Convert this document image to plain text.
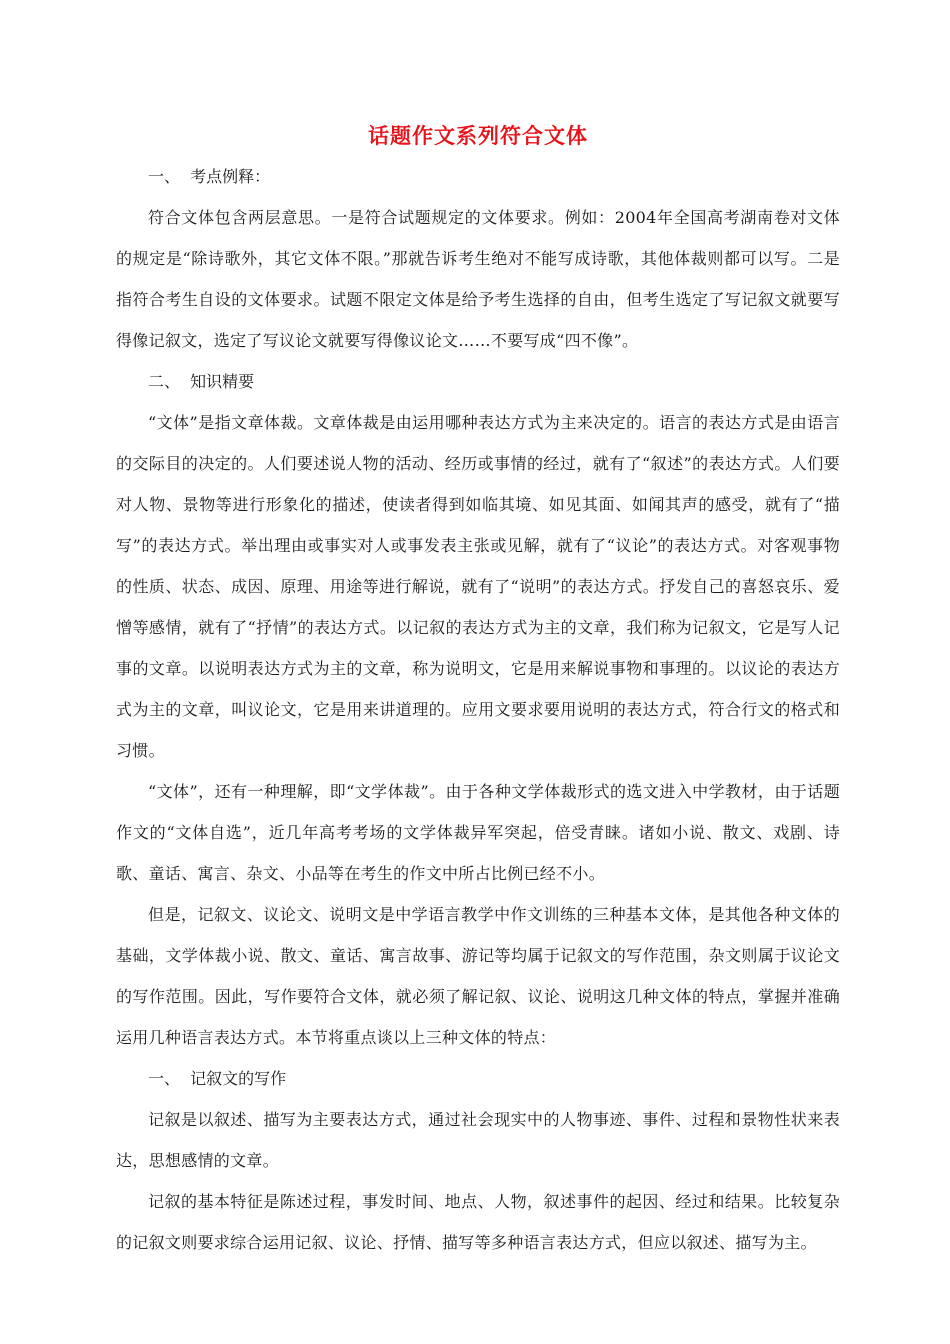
话题作文系列符合文体

一、  考点例释：

符合文体包含两层意思。一是符合试题规定的文体要求。例如：2004年全国高考湖南卷对文体的规定是“除诗歌外，其它文体不限。”那就告诉考生绝对不能写成诗歌，其他体裁则都可以写。二是指符合考生自设的文体要求。试题不限定文体是给予考生选择的自由，但考生选定了写记叙文就要写得像记叙文，选定了写议论文就要写得像议论文……不要写成“四不像”。

二、  知识精要

“文体”是指文章体裁。文章体裁是由运用哪种表达方式为主来决定的。语言的表达方式是由语言的交际目的决定的。人们要述说人物的活动、经历或事情的经过，就有了“叙述”的表达方式。人们要对人物、景物等进行形象化的描述，使读者得到如临其境、如见其面、如闻其声的感受，就有了“描写”的表达方式。举出理由或事实对人或事发表主张或见解，就有了“议论”的表达方式。对客观事物的性质、状态、成因、原理、用途等进行解说，就有了“说明”的表达方式。抒发自己的喜怒哀乐、爱憎等感情，就有了“抒情”的表达方式。以记叙的表达方式为主的文章，我们称为记叙文，它是写人记事的文章。以说明表达方式为主的文章，称为说明文，它是用来解说事物和事理的。以议论的表达方式为主的文章，叫议论文，它是用来讲道理的。应用文要求要用说明的表达方式，符合行文的格式和习惯。

“文体”，还有一种理解，即“文学体裁”。由于各种文学体裁形式的选文进入中学教材，由于话题作文的“文体自选”，近几年高考考场的文学体裁异军突起，倍受青睐。诸如小说、散文、戏剧、诗歌、童话、寓言、杂文、小品等在考生的作文中所占比例已经不小。

但是，记叙文、议论文、说明文是中学语言教学中作文训练的三种基本文体，是其他各种文体的基础，文学体裁小说、散文、童话、寓言故事、游记等均属于记叙文的写作范围，杂文则属于议论文的写作范围。因此，写作要符合文体，就必须了解记叙、议论、说明这几种文体的特点，掌握并准确运用几种语言表达方式。本节将重点谈以上三种文体的特点：

一、  记叙文的写作

记叙是以叙述、描写为主要表达方式，通过社会现实中的人物事迹、事件、过程和景物性状来表达，思想感情的文章。

记叙的基本特征是陈述过程，事发时间、地点、人物，叙述事件的起因、经过和结果。比较复杂的记叙文则要求综合运用记叙、议论、抒情、描写等多种语言表达方式，但应以叙述、描写为主。
